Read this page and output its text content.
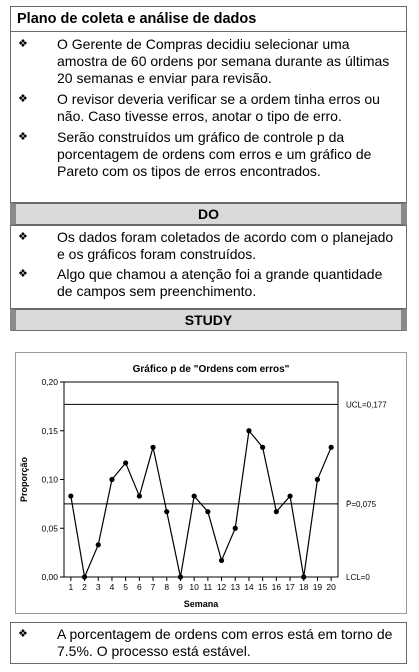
Plano de coleta e análise de dados
❖ O Gerente de Compras decidiu selecionar uma amostra de 60 ordens por semana durante as últimas 20 semanas e enviar para revisão.
❖ O revisor deveria verificar se a ordem tinha erros ou não. Caso tivesse erros, anotar o tipo de erro.
❖ Serão construídos um gráfico de controle p da porcentagem de ordens com erros e um gráfico de Pareto com os tipos de erros encontrados.
DO
❖ Os dados foram coletados de acordo com o planejado e os gráficos foram construídos.
❖ Algo que chamou a atenção foi a grande quantidade de campos sem preenchimento.
STUDY
Gráfico p de "Ordens com erros"
Proporção
Semana
0,00
0,05
0,10
0,15
0,20
1 2 3 4 5 6 7 8 9 10 11 12 13 14 15 16 17 18 19 20
UCL=0,177
P̄=0,075
LCL=0
❖ A porcentagem de ordens com erros está em torno de 7.5%. O processo está estável.
